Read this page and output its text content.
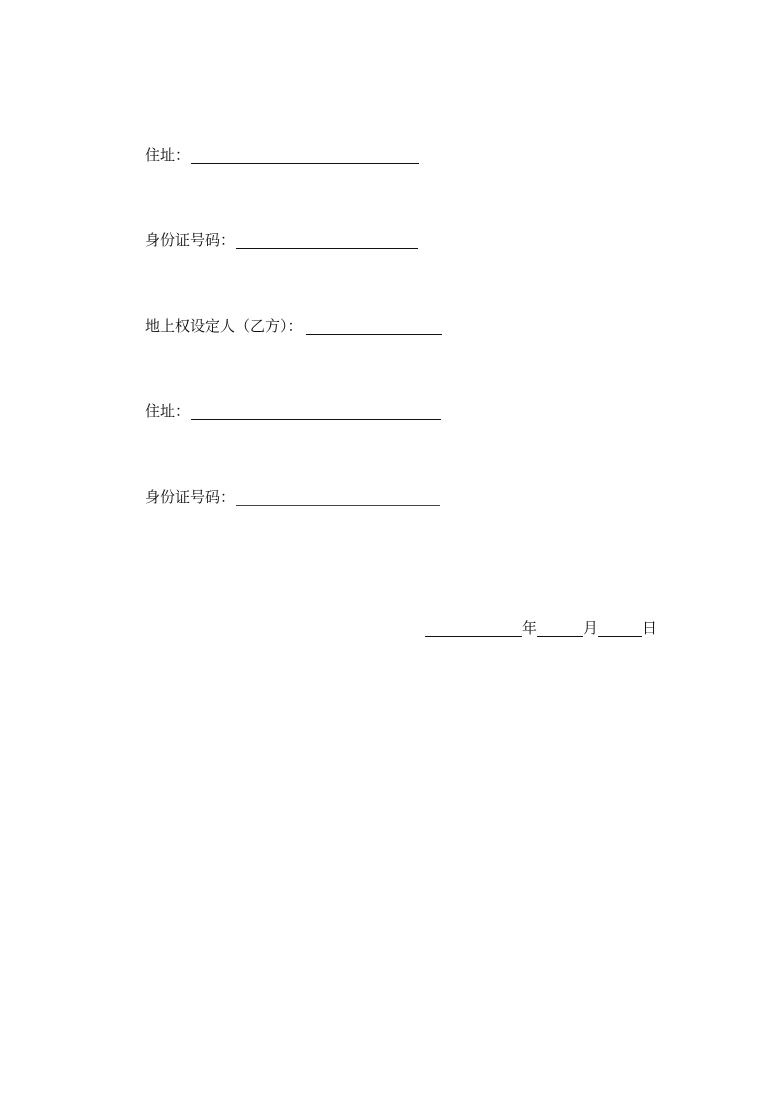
住址：
身份证号码：
地上权设定人（乙方）：
住址：
身份证号码：
年	月	日
